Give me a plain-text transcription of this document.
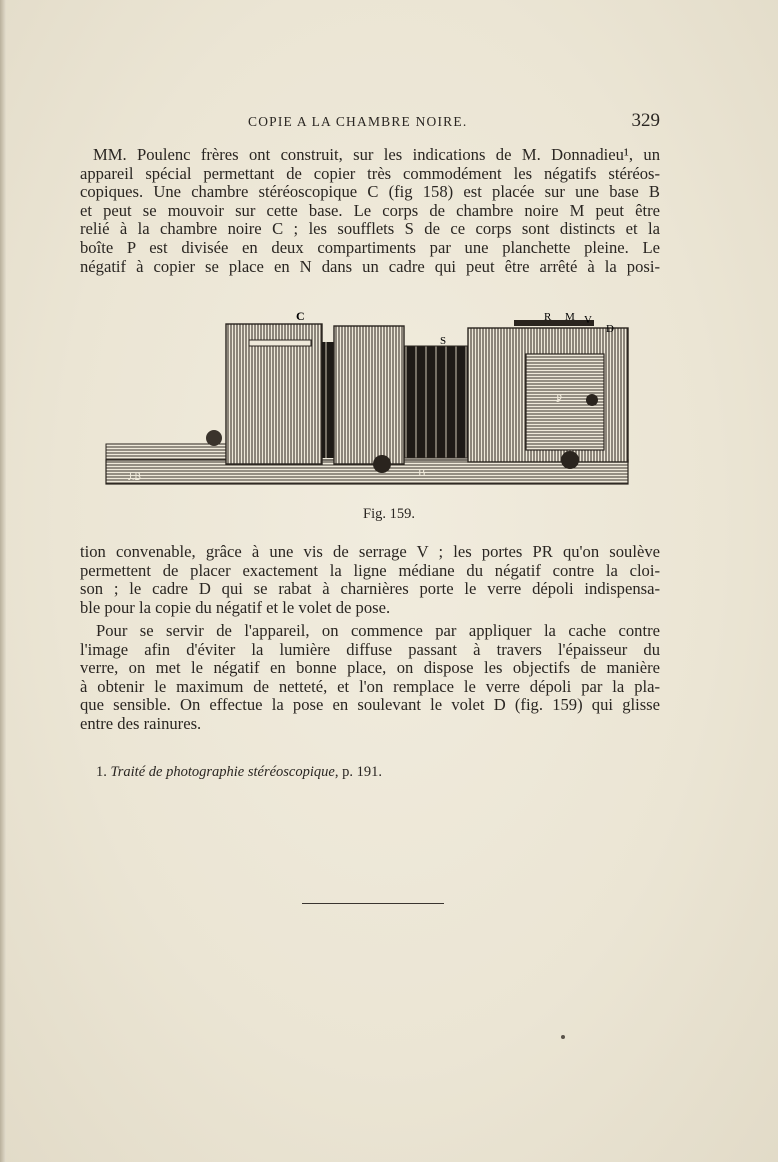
COPIE A LA CHAMBRE NOIRE.	329

MM. Poulenc frères ont construit, sur les indications de M. Donnadieu¹, un
appareil spécial permettant de copier très commodément les négatifs stéréos-
copiques. Une chambre stéréoscopique C (fig 158) est placée sur une base B
et peut se mouvoir sur cette base. Le corps de chambre noire M peut être
relié à la chambre noire C ; les soufflets S de ce corps sont distincts et la
boîte P est divisée en deux compartiments par une planchette pleine. Le
négatif à copier se place en N dans un cadre qui peut être arrêté à la posi-

C
S
R M V
D
P
B
J.B
Fig. 159.

tion convenable, grâce à une vis de serrage V ; les portes PR qu'on soulève
permettent de placer exactement la ligne médiane du négatif contre la cloi-
son ; le cadre D qui se rabat à charnières porte le verre dépoli indispensa-
ble pour la copie du négatif et le volet de pose.

Pour se servir de l'appareil, on commence par appliquer la cache contre
l'image afin d'éviter la lumière diffuse passant à travers l'épaisseur du
verre, on met le négatif en bonne place, on dispose les objectifs de manière
à obtenir le maximum de netteté, et l'on remplace le verre dépoli par la pla-
que sensible. On effectue la pose en soulevant le volet D (fig. 159) qui glisse
entre des rainures.

1. Traité de photographie stéréoscopique, p. 191.
